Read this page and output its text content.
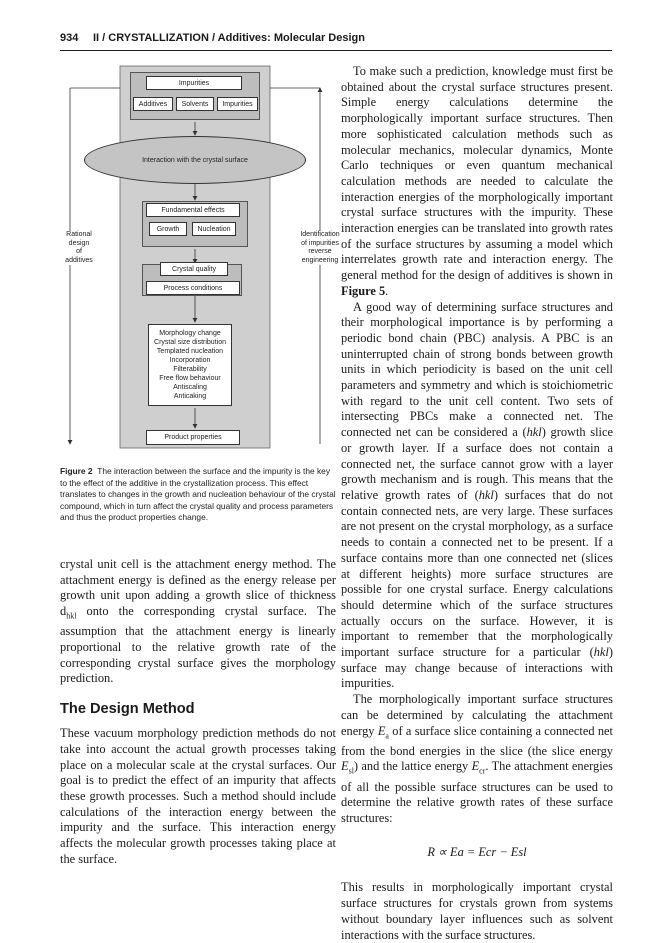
934 II / CRYSTALLIZATION / Additives: Molecular Design
Impurities
Additives	Solvents	Impurities
Interaction with the crystal surface
Fundamental effects
Growth	Nucleation
Crystal quality
Process conditions
Morphology change
Crystal size distribution
Templated nucleation
Incorporation
Filterability
Free flow behaviour
Antiscaling
Anticaking
Product properties
Rational
design
of
additives
Identification
of impurities
reverse
engineering
Figure 2 The interaction between the surface and the impurity is the key to the effect of the additive in the crystallization process. This effect translates to changes in the growth and nucleation behaviour of the crystal compound, which in turn affect the crystal quality and process parameters and thus the product properties change.

crystal unit cell is the attachment energy method. The attachment energy is defined as the energy release per growth unit upon adding a growth slice of thickness $d_{hkl}$ onto the corresponding crystal surface. The assumption that the attachment energy is linearly proportional to the relative growth rate of the corresponding crystal surface gives the morphology prediction.

The Design Method

These vacuum morphology prediction methods do not take into account the actual growth processes taking place on a molecular scale at the crystal surfaces. Our goal is to predict the effect of an impurity that affects these growth processes. Such a method should include calculations of the interaction energy between the impurity and the surface. This interaction energy affects the molecular growth processes taking place at the surface.

To make such a prediction, knowledge must first be obtained about the crystal surface structures present. Simple energy calculations determine the morphologically important surface structures. Then more sophisticated calculation methods such as molecular mechanics, molecular dynamics, Monte Carlo techniques or even quantum mechanical calculation methods are needed to calculate the interaction energies of the morphologically important crystal surface structures with the impurity. These interaction energies can be translated into growth rates of the surface structures by assuming a model which interrelates growth rate and interaction energy. The general method for the design of additives is shown in Figure 5.

A good way of determining surface structures and their morphological importance is by performing a periodic bond chain (PBC) analysis. A PBC is an uninterrupted chain of strong bonds between growth units in which periodicity is based on the unit cell parameters and symmetry and which is stoichiometric with regard to the unit cell content. Two sets of intersecting PBCs make a connected net. The connected net can be considered a (hkl) growth slice or growth layer. If a surface does not contain a connected net, the surface cannot grow with a layer growth mechanism and is rough. This means that the relative growth rates of (hkl) surfaces that do not contain connected nets, are very large. These surfaces are not present on the crystal morphology, as a surface needs to contain a connected net to be present. If a surface contains more than one connected net (slices at different heights) more surface structures are possible for one crystal surface. Energy calculations should determine which of the surface structures actually occurs on the surface. However, it is important to remember that the morphologically important surface structure for a particular (hkl) surface may change because of interactions with impurities.

The morphologically important surface structures can be determined by calculating the attachment energy $E_a$ of a surface slice containing a connected net from the bond energies in the slice (the slice energy $E_{sl}$) and the lattice energy $E_{cr}$. The attachment energies of all the possible surface structures can be used to determine the relative growth rates of these surface structures:

R ∝ Ea = Ecr − Esl

This results in morphologically important crystal surface structures for crystals grown from systems without boundary layer influences such as solvent interactions with the surface structures.
